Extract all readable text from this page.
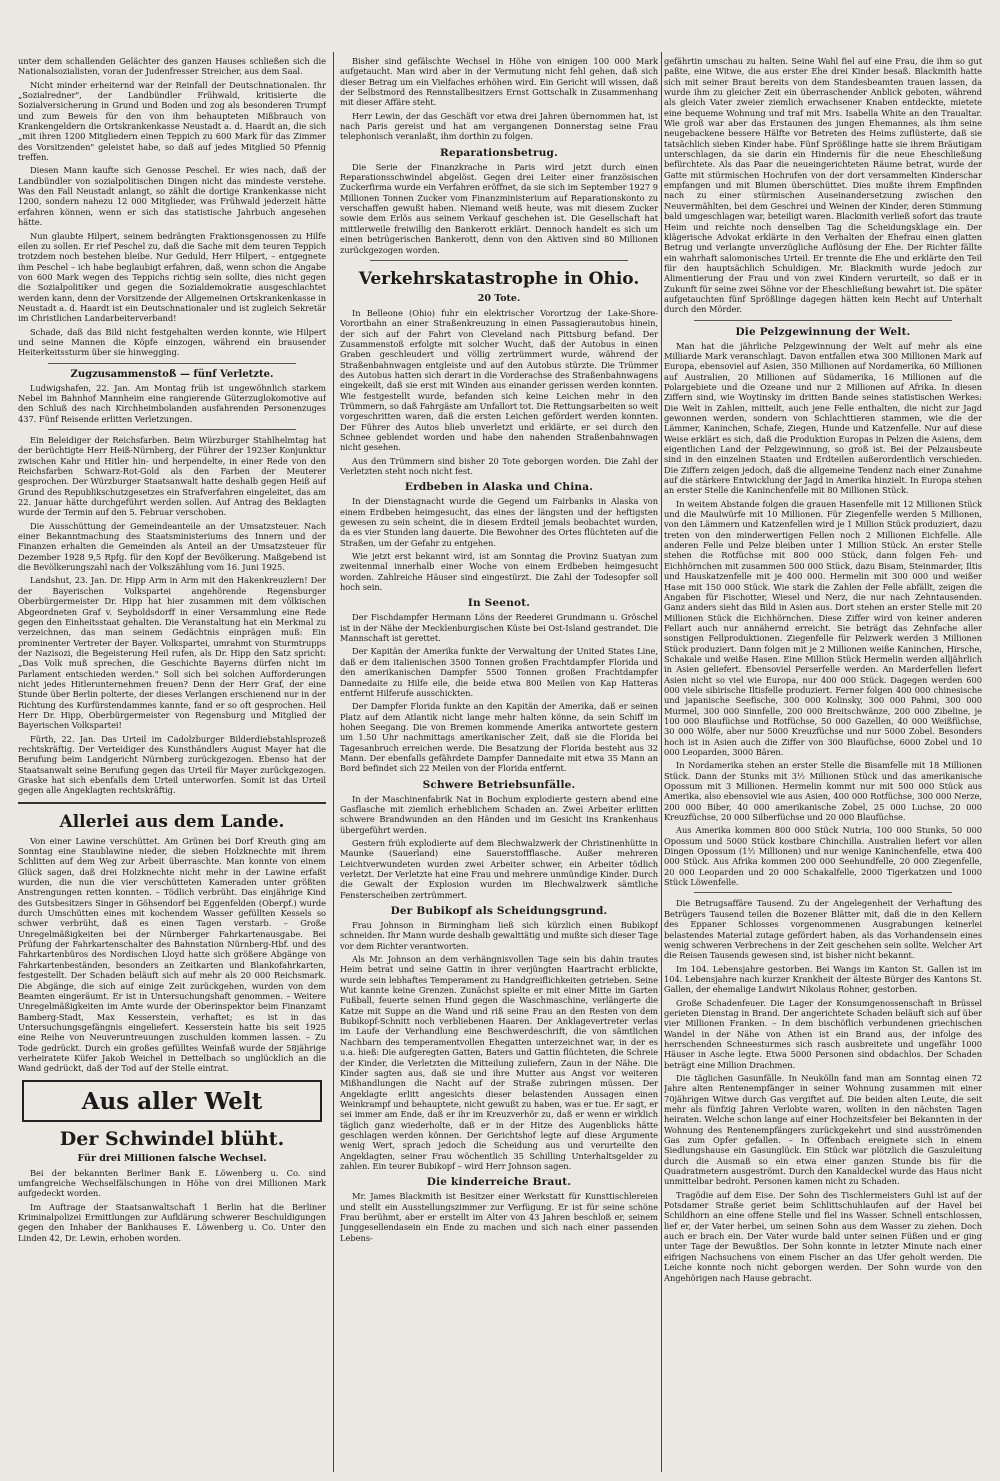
unter dem schallenden Gelächter des ganzen Hauses schließen sich die Nationalsozialisten, voran der Judenfresser Streicher, aus dem Saal.

Nicht minder erheiternd war der Reinfall der Deutschnationalen. Ihr „Sozialredner", der Landbündler Frühwald, kritisierte die Sozialversicherung in Grund und Boden und zog als besonderen Trumpf und zum Beweis für den von ihm behaupteten Mißbrauch von Krankengeldern die Ortskrankenkasse Neustadt a. d. Haardt an, die sich „mit ihren 1200 Mitgliedern einen Teppich zu 600 Mark für das Zimmer des Vorsitzenden" geleistet habe, so daß auf jedes Mitglied 50 Pfennig treffen.

Diesen Mann kaufte sich Genosse Peschel. Er wies nach, daß der Landbündler von sozialpolitischen Dingen nicht das mindeste verstehe. Was den Fall Neustadt anlangt, so zählt die dortige Krankenkasse nicht 1200, sondern nahezu 12 000 Mitglieder, was Frühwald jederzeit hätte erfahren können, wenn er sich das statistische Jahrbuch angesehen hätte.

Nun glaubte Hilpert, seinem bedrängten Fraktionsgenossen zu Hilfe eilen zu sollen. Er rief Peschel zu, daß die Sache mit dem teuren Teppich trotzdem noch bestehen bleibe. Nur Geduld, Herr Hilpert, – entgegnete ihm Peschel – ich habe beglaubigt erfahren, daß, wenn schon die Angabe von 600 Mark wegen des Teppichs richtig sein sollte, dies nicht gegen die Sozialpolitiker und gegen die Sozialdemokratie ausgeschlachtet werden kann, denn der Vorsitzende der Allgemeinen Ortskrankenkasse in Neustadt a. d. Haardt ist ein Deutschnationaler und ist zugleich Sekretär im Christlichen Landarbeiterverband!

Schade, daß das Bild nicht festgehalten werden konnte, wie Hilpert und seine Mannen die Köpfe einzogen, während ein brausender Heiterkeitssturm über sie hinwegging.

Zugzusammenstoß — fünf Verletzte.

Ludwigshafen, 22. Jan. Am Montag früh ist ungewöhnlich starkem Nebel im Bahnhof Mannheim eine rangierende Güterzuglokomotive auf den Schluß des nach Kirchheimbolanden ausfahrenden Personenzuges 437. Fünf Reisende erlitten Verletzungen.

Ein Beleidiger der Reichsfarben. Beim Würzburger Stahlhelmtag hat der berüchtigte Herr Heiß-Nürnberg, der Führer der 1923er Konjunktur zwischen Kahr und Hitler hin- und herpendelte, in einer Rede von den Reichsfarben Schwarz-Rot-Gold als den Farben der Meuterer gesprochen. Der Würzburger Staatsanwalt hatte deshalb gegen Heiß auf Grund des Republikschutzgesetzes ein Strafverfahren eingeleitet, das am 22. Januar hätte durchgeführt werden sollen. Auf Antrag des Beklagten wurde der Termin auf den 5. Februar verschoben.

Die Ausschüttung der Gemeindeanteile an der Umsatzsteuer. Nach einer Bekanntmachung des Staatsministeriums des Innern und der Finanzen erhalten die Gemeinden als Anteil an der Umsatzsteuer für Dezember 1928 9,5 Rpfg. für den Kopf der Bevölkerung. Maßgebend ist die Bevölkerungszahl nach der Volkszählung vom 16. Juni 1925.

Landshut, 23. Jan. Dr. Hipp Arm in Arm mit den Hakenkreuzlern! Der der Bayerischen Volkspartei angehörende Regensburger Oberbürgermeister Dr. Hipp hat hier zusammen mit dem völkischen Abgeordneten Graf v. Seyboldsdorff in einer Versammlung eine Rede gegen den Einheitsstaat gehalten. Die Veranstaltung hat ein Merkmal zu verzeichnen, das man seinem Gedächtnis einprägen muß: Ein prominenter Vertreter der Bayer. Volkspartei, umrahmt von Sturmtrupps der Nazisozi, die Begeisterung Heil rufen, als Dr. Hipp den Satz spricht: „Das Volk muß sprechen, die Geschichte Bayerns dürfen nicht im Parlament entschieden werden." Soll sich bei solchen Aufforderungen nicht jedes Hitlerunternehmen freuen? Denn der Herr Graf, der eine Stunde über Berlin polterte, der dieses Verlangen erschienend nur in der Richtung des Kurfürstendammes kannte, fand er so oft gesprochen. Heil Herr Dr. Hipp, Oberbürgermeister von Regensburg und Mitglied der Bayerischen Volkspartei!

Fürth, 22. Jan. Das Urteil im Cadolzburger Bilderdiebstahlsprozeß rechtskräftig. Der Verteidiger des Kunsthändlers August Mayer hat die Berufung beim Landgericht Nürnberg zurückgezogen. Ebenso hat der Staatsanwalt seine Berufung gegen das Urteil für Mayer zurückgezogen. Graske hat sich ebenfalls dem Urteil unterworfen. Somit ist das Urteil gegen alle Angeklagten rechtskräftig.

Allerlei aus dem Lande.

Von einer Lawine verschüttet. Am Grünen bei Dorf Kreuth ging am Sonntag eine Staublawine nieder, die sieben Holzknechte mit ihrem Schlitten auf dem Weg zur Arbeit überraschte. Man konnte von einem Glück sagen, daß drei Holzknechte nicht mehr in der Lawine erfaßt wurden, die nun die vier verschütteten Kameraden unter größten Anstrengungen retten konnten. – Tödlich verbrüht. Das einjährige Kind des Gutsbesitzers Singer in Göhsendorf bei Eggenfelden (Oberpf.) wurde durch Umschütten eines mit kochendem Wasser gefüllten Kessels so schwer verbrüht, daß es einen Tagen verstarb. – Große Unregelmäßigkeiten bei der Nürnberger Fahrkartenausgabe. Bei Prüfung der Fahrkartenschalter des Bahnstation Nürnberg-Hbf. und des Fahrkartenbüros des Nordischen Lloyd hatte sich größere Abgänge von Fahrkartenbeständen, besonders an Zeitkarten und Blankofahrkarten, festgestellt. Der Schaden beläuft sich auf mehr als 20 000 Reichsmark. Die Abgänge, die sich auf einige Zeit zurückgehen, wurden von dem Beamten eingeräumt. Er ist in Untersuchungshaft genommen. – Weitere Unregelmäßigkeiten im Amte wurde der Oberinspektor beim Finanzamt Bamberg-Stadt, Max Kesserstein, verhaftet; es ist in das Untersuchungsgefängnis eingeliefert. Kesserstein hatte bis seit 1925 eine Reihe von Neuveruntreuungen zuschulden kommen lassen. – Zu Tode gedrückt. Durch ein großes gefülltes Weinfaß wurde der 58jährige verheiratete Küfer Jakob Weichel in Dettelbach so unglücklich an die Wand gedrückt, daß der Tod auf der Stelle eintrat.

Aus aller Welt
Der Schwindel blüht.
Für drei Millionen falsche Wechsel.

Bei der bekannten Berliner Bank E. Löwenberg u. Co. sind umfangreiche Wechselfälschungen in Höhe von drei Millionen Mark aufgedeckt worden.

Im Auftrage der Staatsanwaltschaft 1 Berlin hat die Berliner Kriminalpolizei Ermittlungen zur Aufklärung schwerer Beschuldigungen gegen den Inhaber der Bankhauses E. Löwenberg u. Co. Unter den Linden 42, Dr. Lewin, erhoben worden.

Bisher sind gefälschte Wechsel in Höhe von einigen 100 000 Mark aufgetaucht. Man wird aber in der Vermutung nicht fehl gehen, daß sich dieser Betrag um ein Vielfaches erhöhen wird. Ein Gericht will wissen, daß der Selbstmord des Rennstallbesitzers Ernst Gottschalk in Zusammenhang mit dieser Affäre steht.

Herr Lewin, der das Geschäft vor etwa drei Jahren übernommen hat, ist nach Paris gereist und hat am vergangenen Donnerstag seine Frau telephonisch veranlaßt, ihm dorthin zu folgen.

Reparationsbetrug.

Die Serie der Finanzkrache in Paris wird jetzt durch einen Reparationsschwindel abgelöst. Gegen drei Leiter einer französischen Zuckerfirma wurde ein Verfahren eröffnet, da sie sich im September 1927 9 Millionen Tonnen Zucker vom Finanzministerium auf Reparationskonto zu verschaffen gewußt haben. Niemand weiß heute, was mit diesem Zucker sowie dem Erlös aus seinem Verkauf geschehen ist. Die Gesellschaft hat mittlerweile freiwillig den Bankerott erklärt. Dennoch handelt es sich um einen betrügerischen Bankerott, denn von den Aktiven sind 80 Millionen zurückgezogen worden.

Verkehrskatastrophe in Ohio.
20 Tote.

In Belleone (Ohio) fuhr ein elektrischer Vorortzug der Lake-Shore-Vorortbahn an einer Straßenkreuzung in einen Passagierautobus hinein, der sich auf der Fahrt von Cleveland nach Pittsburg befand. Der Zusammenstoß erfolgte mit solcher Wucht, daß der Autobus in einen Graben geschleudert und völlig zertrümmert wurde, während der Straßenbahnwagen entgleiste und auf den Autobus stürzte. Die Trümmer des Autobus hatten sich derart in die Vorderachse des Straßenbahnwagens eingekeilt, daß sie erst mit Winden aus einander gerissen werden konnten. Wie festgestellt wurde, befanden sich keine Leichen mehr in den Trümmern, so daß Fahrgäste am Unfallort tot. Die Rettungsarbeiten so weit vorgeschritten waren, daß die ersten Leichen gefördert werden konnten. Der Führer des Autos blieb unverletzt und erklärte, er sei durch den Schnee geblendet worden und habe den nahenden Straßenbahnwagen nicht gesehen.

Aus den Trümmern sind bisher 20 Tote geborgen worden. Die Zahl der Verletzten steht noch nicht fest.

Erdbeben in Alaska und China.

In der Dienstagnacht wurde die Gegend um Fairbanks in Alaska von einem Erdbeben heimgesucht, das eines der längsten und der heftigsten gewesen zu sein scheint, die in diesem Erdteil jemals beobachtet wurden, da es vier Stunden lang dauerte. Die Bewohner des Ortes flüchteten auf die Straßen, um der Gefahr zu entgehen.

Wie jetzt erst bekannt wird, ist am Sonntag die Provinz Suatyan zum zweitenmal innerhalb einer Woche von einem Erdbeben heimgesucht worden. Zahlreiche Häuser sind eingestürzt. Die Zahl der Todesopfer soll hoch sein.

In Seenot.

Der Fischdampfer Hermann Löns der Reederei Grundmann u. Gröschel ist in der Nähe der Mecklenburgischen Küste bei Ost-Island gestrandet. Die Mannschaft ist gerettet.

Der Kapitän der Amerika funkte der Verwaltung der United States Line, daß er dem italienischen 3500 Tonnen großen Frachtdampfer Florida und den amerikanischen Dampfer 5500 Tonnen großen Frachtdampfer Dannedaite zu Hilfe eile, die beide etwa 800 Meilen von Kap Hatteras entfernt Hilferufe ausschickten.

Der Dampfer Florida funkte an den Kapitän der Amerika, daß er seinen Platz auf dem Atlantik nicht lange mehr halten könne, da sein Schiff im hohen Seegang. Die von Bremen kommende Amerika antwortete gestern um 1.50 Uhr nachmittags amerikanischer Zeit, daß sie die Florida bei Tagesanbruch erreichen werde. Die Besatzung der Florida besteht aus 32 Mann. Der ebenfalls gefährdete Dampfer Dannedaite mit etwa 35 Mann an Bord befindet sich 22 Meilen von der Florida entfernt.

Schwere Betriebsunfälle.

In der Maschinenfabrik Nat in Bochum explodierte gestern abend eine Gasflasche mit ziemlich erheblichem Schaden an. Zwei Arbeiter erlitten schwere Brandwunden an den Händen und im Gesicht ins Krankenhaus übergeführt werden.

Gestern früh explodierte auf dem Blechwalzwerk der Christinenhütte in Maunke (Sauerland) eine Sauerstoffflasche. Außer mehreren Leichtverwundeten wurden zwei Arbeiter schwer, ein Arbeiter tödlich verletzt. Der Verletzte hat eine Frau und mehrere unmündige Kinder. Durch die Gewalt der Explosion wurden im Blechwalzwerk sämtliche Fensterscheiben zertrümmert.

Der Bubikopf als Scheidungsgrund.

Frau Johnson in Birmingham ließ sich kürzlich einen Bubikopf schneiden. Ihr Mann wurde deshalb gewalttätig und mußte sich dieser Tage vor dem Richter verantworten.

Als Mr. Johnson an dem verhängnisvollen Tage sein bis dahin trautes Heim betrat und seine Gattin in ihrer verjüngten Haartracht erblickte, wurde sein lebhaftes Temperament zu Handgreiflichkeiten getrieben. Seine Wut kannte keine Grenzen. Zunächst spielte er mit einer Mitte im Garten Fußball, feuerte seinen Hund gegen die Waschmaschine, verlängerte die Katze mit Suppe an die Wand und riß seine Frau an den Resten von dem Bubikopf-Schnitt noch verbliebenen Haaren. Der Anklagevertreter verlas im Laufe der Verhandlung eine Beschwerdeschrift, die von sämtlichen Nachbarn des temperamentvollen Ehegatten unterzeichnet war, in der es u.a. hieß: Die aufgeregten Gatten, Baters und Gattin flüchteten, die Schreie der Kinder, die Verletzten die Mitteilung zuliefern, Zaun in der Nähe. Die Kinder sagten aus, daß sie und ihre Mutter aus Angst vor weiteren Mißhandlungen die Nacht auf der Straße zubringen müssen. Der Angeklagte erlitt angesichts dieser belastenden Aussagen einen Weinkrampf und behauptete, nicht gewußt zu haben, was er tue. Er sagt, er sei immer am Ende, daß er ihr im Kreuzverhör zu, daß er wenn er wirklich täglich ganz wiederholte, daß er in der Hitze des Augenblicks hätte geschlagen werden können. Der Gerichtshof legte auf diese Argumente wenig Wert, sprach jedoch die Scheidung aus und verurteilte den Angeklagten, seiner Frau wöchentlich 35 Schilling Unterhaltsgelder zu zahlen. Ein teurer Bubikopf – wird Herr Johnson sagen.

Die kinderreiche Braut.

Mr. James Blackmith ist Besitzer einer Werkstatt für Kunsttischlereien und stellt ein Ausstellungszimmer zur Verfügung. Er ist für seine schöne Frau berühmt, aber er erstellt im Alter von 43 Jahren beschloß er, seinem Junggesellendasein ein Ende zu machen und sich nach einer passenden Lebens-

gefährtin umschau zu halten. Seine Wahl fiel auf eine Frau, die ihm so gut paßte, eine Witwe, die aus erster Ehe drei Kinder besaß. Blackmith hatte sich mit seiner Braut bereits von dem Standesbeamten trauen lassen, da wurde ihm zu gleicher Zeit ein überraschender Anblick geboten, während als gleich Vater zweier ziemlich erwachsener Knaben entdeckte, mietete eine bequeme Wohnung und traf mit Mrs. Isabella White an den Traualtar. Wie groß war aber das Erstaunen des jungen Ehemannes, als ihm seine neugebackene bessere Hälfte vor Betreten des Heims zuflüsterte, daß sie tatsächlich sieben Kinder habe. Fünf Sprößlinge hatte sie ihrem Bräutigam unterschlagen, da sie darin ein Hindernis für die neue Eheschließung befürchtete. Als das Paar die neueingerichteten Räume betrat, wurde der Gatte mit stürmischen Hochrufen von der dort versammelten Kinderschar empfangen und mit Blumen überschüttet. Dies mußte ihrem Empfinden nach zu einer stürmischen Auseinandersetzung zwischen den Neuvermählten, bei dem Geschrei und Weinen der Kinder, deren Stimmung bald umgeschlagen war, beteiligt waren. Blackmith verließ sofort das traute Heim und reichte noch denselben Tag die Scheidungsklage ein. Der klägerische Advokat erklärte in den Verhalten der Ehefrau einen glatten Betrug und verlangte unverzügliche Auflösung der Ehe. Der Richter fällte ein wahrhaft salomonisches Urteil. Er trennte die Ehe und erklärte den Teil für den hauptsächlich Schuldigen. Mr. Blackmith wurde jedoch zur Alimentierung der Frau und von zwei Kindern verurteilt, so daß er in Zukunft für seine zwei Söhne vor der Eheschließung bewahrt ist. Die später aufgetauchten fünf Sprößlinge dagegen hätten kein Recht auf Unterhalt durch den Mörder.

Die Pelzgewinnung der Welt.

Man hat die jährliche Pelzgewinnung der Welt auf mehr als eine Milliarde Mark veranschlagt. Davon entfallen etwa 300 Millionen Mark auf Europa, ebensoviel auf Asien, 350 Millionen auf Nordamerika, 60 Millionen auf Australien, 20 Millionen auf Südamerika, 16 Millionen auf die Polargebiete und die Ozeane und nur 2 Millionen auf Afrika. In diesen Ziffern sind, wie Woytinsky im dritten Bande seines statistischen Werkes: Die Welt in Zahlen, mitteilt, auch jene Felle enthalten, die nicht zur Jagd gewonnen werden, sondern von Schlachttieren stammen, wie die der Lämmer, Kaninchen, Schafe, Ziegen, Hunde und Katzenfelle. Nur auf diese Weise erklärt es sich, daß die Produktion Europas in Pelzen die Asiens, dem eigentlichen Land der Pelzgewinnung, so groß ist. Bei der Pelzausbeute sind in den einzelnen Staaten und Erdteilen außerordentlich verschieden. Die Ziffern zeigen jedoch, daß die allgemeine Tendenz nach einer Zunahme auf die stärkere Entwicklung der Jagd in Amerika hinzielt. In Europa stehen an erster Stelle die Kaninchenfelle mit 80 Millionen Stück.

In weitem Abstande folgen die grauen Hasenfelle mit 12 Millionen Stück und die Maulwürfe mit 10 Millionen. Für Ziegenfelle werden 5 Millionen, von den Lämmern und Katzenfellen wird je 1 Million Stück produziert, dazu treten von den minderwertigen Fellen noch 2 Millionen Eichfelle. Alle anderen Felle und Pelze bleiben unter 1 Million Stück. An erster Stelle stehen die Rotfüchse mit 800 000 Stück, dann folgen Feh- und Eichhörnchen mit zusammen 500 000 Stück, dazu Bisam, Steinmarder, Iltis und Hauskatzenfelle mit je 400 000. Hermelin mit 300 000 und weißer Hase mit 150 000 Stück. Wie stark die Zahlen der Felle abfällt, zeigen die Angaben für Fischotter, Wiesel und Nerz, die nur nach Zehntausenden. Ganz anders sieht das Bild in Asien aus. Dort stehen an erster Stelle mit 20 Millionen Stück die Eichhörnchen. Diese Ziffer wird von keiner anderen Fellart auch nur annähernd erreicht. Sie beträgt das Zehnfache aller sonstigen Fellproduktionen. Ziegenfelle für Pelzwerk werden 3 Millionen Stück produziert. Dann folgen mit je 2 Millionen weiße Kaninchen, Hirsche, Schakale und weiße Hasen. Eine Million Stück Hermelin werden alljährlich in Asien geliefert. Ebensoviel Perserfelle werden. An Marderfellen liefert Asien nicht so viel wie Europa, nur 400 000 Stück. Dagegen werden 600 000 viele sibirische Iltisfelle produziert. Ferner folgen 400 000 chinesische und japanische Seefische, 300 000 Kolinsky, 300 000 Pahmi, 300 000 Murmel, 300 000 Sinnfelle, 200 000 Breitschwänze, 200 000 Zibeline, je 100 000 Blaufüchse und Rotfüchse, 50 000 Gazellen, 40 000 Weißfüchse, 30 000 Wölfe, aber nur 5000 Kreuzfüchse und nur 5000 Zobel. Besonders hoch ist in Asien auch die Ziffer von 300 Blaufüchse, 6000 Zobel und 10 000 Leoparden, 3000 Bären.

In Nordamerika stehen an erster Stelle die Bisamfelle mit 18 Millionen Stück. Dann der Stunks mit 3½ Millionen Stück und das amerikanische Opossum mit 3 Millionen. Hermelin kommt nur mit 500 000 Stück aus Amerika, also ebensoviel wie aus Asien, 400 000 Rotfüchse, 300 000 Nerze, 200 000 Biber, 40 000 amerikanische Zobel, 25 000 Luchse, 20 000 Kreuzfüchse, 20 000 Silberfüchse und 20 000 Blaufüchse.

Aus Amerika kommen 800 000 Stück Nutria, 100 000 Stunks, 50 000 Opossum und 5000 Stück kostbare Chinchilla. Australien liefert vor allen Dingen Opossum (1½ Millionen) und nur wenige Kaninchenfelle, etwa 400 000 Stück. Aus Afrika kommen 200 000 Seehundfelle, 20 000 Ziegenfelle, 20 000 Leoparden und 20 000 Schakalfelle, 2000 Tigerkatzen und 1000 Stück Löwenfelle.

Die Betrugsaffäre Tausend. Zu der Angelegenheit der Verhaftung des Betrügers Tausend teilen die Bozener Blätter mit, daß die in den Kellern des Eppaner Schlosses vorgenommenen Ausgrabungen keinerlei belastendes Material zutage gefördert haben, als das Vorhandensein eines wenig schweren Verbrechens in der Zeit geschehen sein sollte. Welcher Art die Reisen Tausends gewesen sind, ist bisher nicht bekannt.

Im 104. Lebensjahre gestorben. Bei Wangs im Kanton St. Gallen ist im 104. Lebensjahre nach kurzer Krankheit der älteste Bürger des Kantons St. Gallen, der ehemalige Landwirt Nikolaus Rohner, gestorben.

Große Schadenfeuer. Die Lager der Konsumgenossenschaft in Brüssel gerieten Dienstag in Brand. Der angerichtete Schaden beläuft sich auf über vier Millionen Franken. – In dem bischöflich verbundenen griechischen Wandel in der Nähe von Athen ist ein Brand aus, der infolge des herrschenden Schneesturmes sich rasch ausbreitete und ungefähr 1000 Häuser in Asche legte. Etwa 5000 Personen sind obdachlos. Der Schaden beträgt eine Million Drachmen.

Die täglichen Gasunfälle. In Neukölln fand man am Sonntag einen 72 Jahre alten Rentenempfänger in seiner Wohnung zusammen mit einer 70jährigen Witwe durch Gas vergiftet auf. Die beiden alten Leute, die seit mehr als fünfzig Jahren Verlobte waren, wollten in den nächsten Tagen heiraten. Welche schon lange auf einer Hochzeitsfeier bei Bekannten in der Wohnung des Rentenempfängers zurückgekehrt und sind ausströmenden Gas zum Opfer gefallen. – In Offenbach ereignete sich in einem Siedlungshause ein Gasunglück. Ein Stück war plötzlich die Gaszuleitung durch die Ausmaß so ein etwa einer ganzen Stunde bis für die Quadratmetern ausgeströmt. Durch den Kanaldeckel wurde das Haus nicht unmittelbar bedroht. Personen kamen nicht zu Schaden.

Tragödie auf dem Eise. Der Sohn des Tischlermeisters Guhl ist auf der Potsdamer Straße geriet beim Schlittschuhlaufen auf der Havel bei Schildhorn an eine offene Stelle und fiel ins Wasser. Schnell entschlossen, lief er, der Vater herbei, um seinen Sohn aus dem Wasser zu ziehen. Doch auch er brach ein. Der Vater wurde bald unter seinen Füßen und er ging unter Tage der Bewußtlos. Der Sohn konnte in letzter Minute nach einer eifrigen Nachsuchens von einem Fischer an das Ufer geholt werden. Die Leiche konnte noch nicht geborgen werden. Der Sohn wurde von den Angehörigen nach Hause gebracht.
